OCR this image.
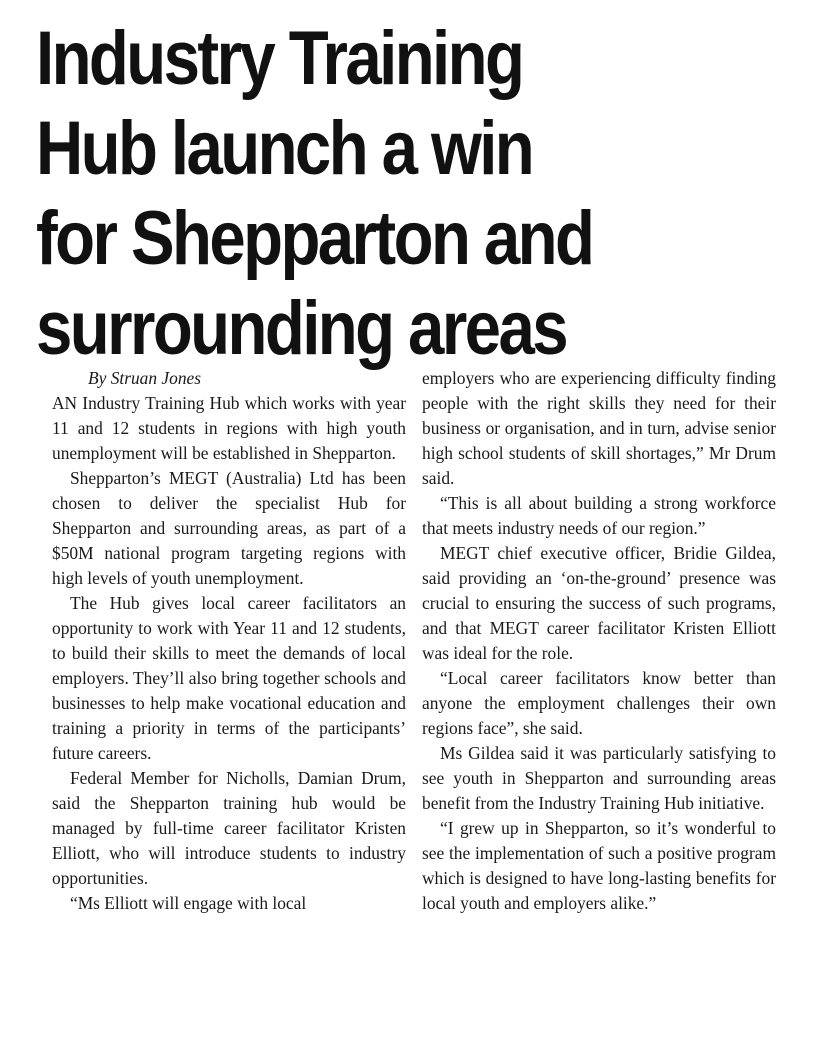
Industry Training
Hub launch a win
for Shepparton and
surrounding areas

By Struan Jones

AN Industry Training Hub which works with year 11 and 12 students in regions with high youth unemployment will be established in Shepparton.

Shepparton’s MEGT (Australia) Ltd has been chosen to deliver the specialist Hub for Shepparton and surrounding areas, as part of a $50M national program targeting regions with high levels of youth unemployment.

The Hub gives local career facilitators an opportunity to work with Year 11 and 12 students, to build their skills to meet the demands of local employers. They’ll also bring together schools and businesses to help make vocational education and training a priority in terms of the participants’ future careers.

Federal Member for Nicholls, Damian Drum, said the Shepparton training hub would be managed by full-time career facilitator Kristen Elliott, who will introduce students to industry opportunities.

“Ms Elliott will engage with local

employers who are experiencing difficulty finding people with the right skills they need for their business or organisation, and in turn, advise senior high school students of skill shortages,” Mr Drum said.

“This is all about building a strong workforce that meets industry needs of our region.”

MEGT chief executive officer, Bridie Gildea, said providing an ‘on-the-ground’ presence was crucial to ensuring the success of such programs, and that MEGT career facilitator Kristen Elliott was ideal for the role.

“Local career facilitators know better than anyone the employment challenges their own regions face”, she said.

Ms Gildea said it was particularly satisfying to see youth in Shepparton and surrounding areas benefit from the Industry Training Hub initiative.

“I grew up in Shepparton, so it’s wonderful to see the implementation of such a positive program which is designed to have long-lasting benefits for local youth and employers alike.”
